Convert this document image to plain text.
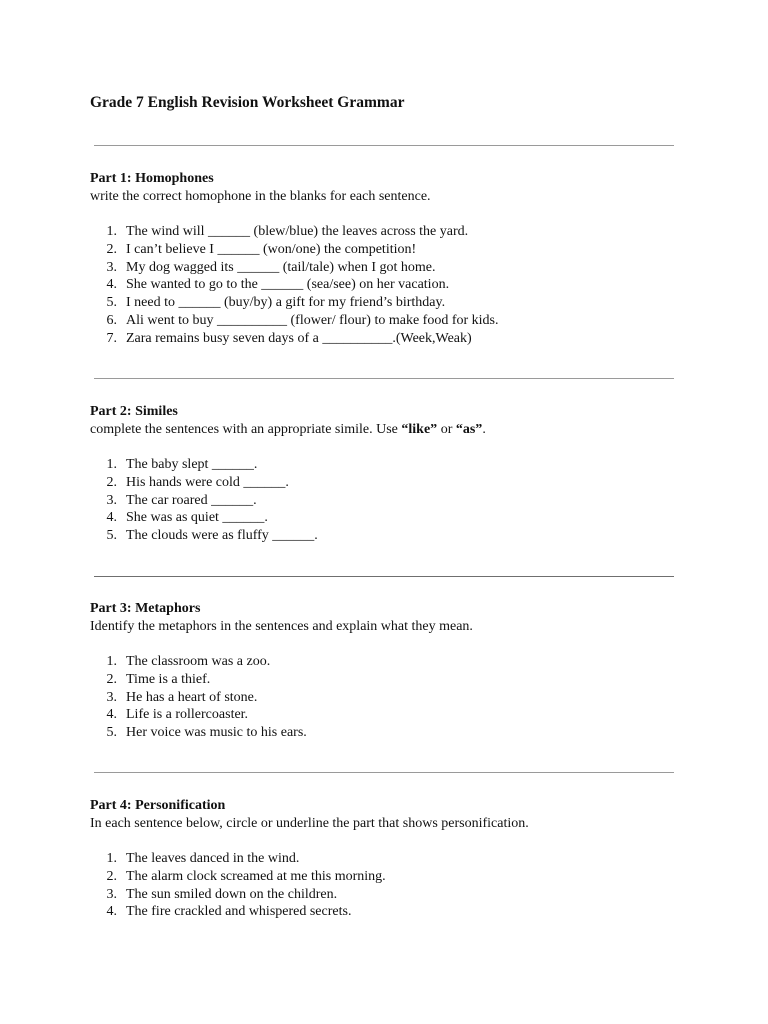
Grade 7 English Revision Worksheet Grammar
Part 1: Homophones
write the correct homophone in the blanks for each sentence.
1. The wind will ______ (blew/blue) the leaves across the yard.
2. I can’t believe I ______ (won/one) the competition!
3. My dog wagged its ______ (tail/tale) when I got home.
4. She wanted to go to the ______ (sea/see) on her vacation.
5. I need to ______ (buy/by) a gift for my friend’s birthday.
6. Ali went to buy __________ (flower/ flour) to make food for kids.
7. Zara remains busy seven days of a __________.(Week,Weak)
Part 2: Similes
complete the sentences with an appropriate simile. Use “like” or “as”.
1. The baby slept ______.
2. His hands were cold ______.
3. The car roared ______.
4. She was as quiet ______.
5. The clouds were as fluffy ______.
Part 3: Metaphors
Identify the metaphors in the sentences and explain what they mean.
1. The classroom was a zoo.
2. Time is a thief.
3. He has a heart of stone.
4. Life is a rollercoaster.
5. Her voice was music to his ears.
Part 4: Personification
In each sentence below, circle or underline the part that shows personification.
1. The leaves danced in the wind.
2. The alarm clock screamed at me this morning.
3. The sun smiled down on the children.
4. The fire crackled and whispered secrets.
